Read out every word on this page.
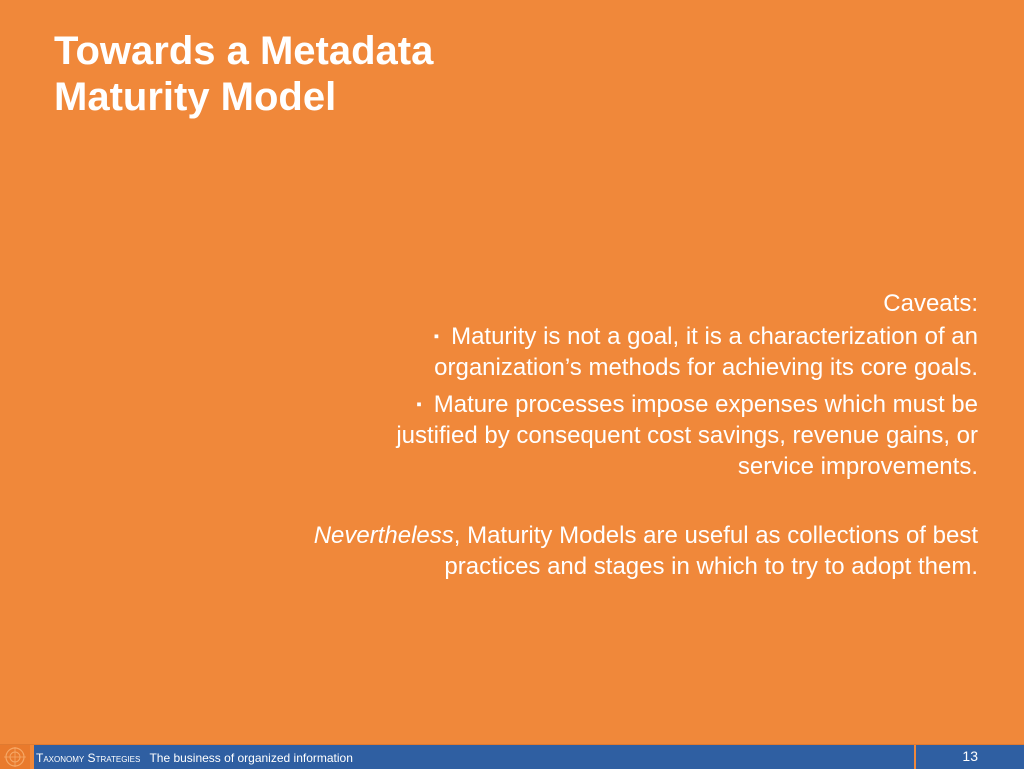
Towards a Metadata
Maturity Model

Caveats:

▪ Maturity is not a goal, it is a characterization of an organization’s methods for achieving its core goals.
▪ Mature processes impose expenses which must be justified by consequent cost savings, revenue gains, or service improvements.

Nevertheless, Maturity Models are useful as collections of best practices and stages in which to try to adopt them.

Taxonomy Strategies The business of organized information	13
